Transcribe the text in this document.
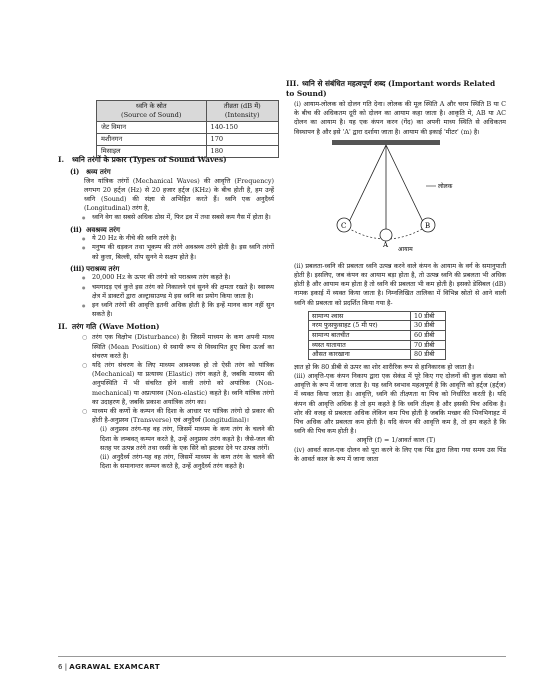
ध्वनि के स्रोत
(Source of Sound)	तीव्रता (dB में)
(Intensity)
जेट विमान	140-150
मशीनगन	170
मिसाइल	180
I. ध्वनि तरंगों के प्रकार (Types of Sound Waves)
(i) श्रव्य तरंग
जिन यांत्रिक तरंगों (Mechanical Waves) की आवृत्ति (Frequency) लगभग 20 हर्ट्ज (Hz) से 20 हजार हर्ट्ज (KHz) के बीच होती है, हम उन्हें ध्वनि (Sound) की संज्ञा से अभिहित करते हैं। ध्वनि एक अनुदैर्ध्य (Longitudinal) तरंग है,
● ध्वनि वेग का सबसे अधिक ठोस में, फिर द्रव में तथा सबसे कम गैस में होता है।
(ii) अवश्रव्य तरंग
● ये 20 Hz के नीचे की ध्वनि तरंगे है।
● मनुष्य की धड़कन तथा भूकम्प की तरंगे अवश्रव्य तरंगे होती है। इस ध्वनि तरंगों को कुत्ता, बिल्ली, साँप सुनने मे सक्षम होते है।
(iii)पराश्रव्य तरंग
● 20,000 Hz के ऊपर की तरंगो को पराश्रव्य तरंग कहते है।
● चमगादड़ एवं कुत्ते इस तरंग को निकालने एवं सुनने की क्षमता रखते है। स्वास्थ्य क्षेत्र में डाक्टरों द्वारा अल्ट्रासाउण्ड मे इस ध्वनि का प्रयोग किया जाता है।
● इन ध्वनि तरंगों की आवृत्ति इतनी अधिक होती है कि इन्हें मानव कान नहीं सुन सकते है।
II. तरंग गति (Wave Motion)
○ तरंग एक विक्षोभ (Disturbance) है। जिसमें माध्यम के कण अपनी माध्य स्थिति (Mean Position) से स्थायी रूप से विस्थापित हुए बिना ऊर्जा का संचरण करते है।
○ यदि तरंग संचरण के लिए माध्यम आवश्यक हो तो ऐसी तरंग को यांत्रिक (Mechanical) या प्रत्यास्थ (Elastic) तरंग कहते है, जबकि माध्यम की अनुपस्थिति में भी संचरित होने वाली तरंगो को अयांत्रिक (Non-mechanical) या अप्रत्यास्थ (Non-elastic) कहते है। ध्वनि यांत्रिक तरंगो का उदाहरण है, जबकि प्रकाश अयांत्रिक तरंग का।
○ माध्यम की कणों के कम्पन की दिशा के आधार पर यांत्रिक तरंगो दो प्रकार की होती है-अनुप्रस्थ (Transverse) एवं अनुदैर्ध्य (longitudinal)।
(i) अनुप्रस्थ तरंग-यह वह तरंग, जिसमें माध्यम के कण तरंग के चलने की दिशा के लम्बवत् कम्पन करते है, उन्हें अनुप्रस्थ तरंग कहते है। जैसे-जल की सतह पर उत्पन्न तरंगे तथा रस्सी के एक सिरे को झटका देने पर उत्पन्न तरंगें।
(ii) अनुदैर्ध्य तरंग-यह वह तरंग, जिसमें माध्यम के कण तरंग के चलने की दिशा के समानान्तर कम्पन करते है, उन्हें अनुदैर्ध्य तरंग कहते है।
III. ध्वनि से संबंधित महत्वपूर्ण शब्द (Important words Related to Sound)
(i) आयाम-लोलक को दोलन गति देना। लोलक की मूल स्थिति A और चरम स्थिति B या C के बीच की अधिकतम दूरी को दोलन का आयाम कहा जाता है। आकृति मे, AB या AC दोलन का आयाम है। यह एक कंपन करन (गेंद) का अपनी माध्य स्थिति से अधिकतम विस्थापन है और इसे 'A' द्वारा दर्शाया जाता है। आयाम की इकाई 'मीटर' (m) है।
C
A
B
लोलक
आयाम
(ii) प्रबलता-ध्वनि की प्रबलता ध्वनि उत्पन्न करने वाले कंपन के आयाम के वर्ग के समानुपाती होती है। इसलिए, जब कंपन का आयाम बड़ा होता है, तो उत्पन्न ध्वनि की प्रबलता भी अधिक होती है और आयाम कम होता है तो ध्वनि की प्रबलता भी कम होती है। इसको डेसिबल (dB) नामक इकाई में व्यक्त किया जाता है। निम्नलिखित तालिका में विभिन्न स्रोतो से आने वाली ध्वनि की प्रबलता को प्रदर्शित किया गया है-
सामान्य श्वास	10 डीबी
नरम फुसफुसाहट (5 मी पर)	30 डीबी
सामान्य बातचीत	60 डीबी
व्यस्त यातायात	70 डीबी
औसत कारखाना	80 डीबी
ज्ञात हो कि 80 डीबी से ऊपर का शोर शारीरिक रूप से हानिकारक हो जाता है।
(iii) आवृत्ति-एक कंपन निकाय द्वारा एक सेकंड में पूरे किए गए दोलनों की कुल संख्या को आवृत्ति के रूप में जाना जाता है। यह ध्वनि स्वभाव महत्वपूर्ण है कि आवृत्ति को हर्ट्ज (हर्ट्ज) में व्यक्त किया जाता है। आवृत्ति, ध्वनि की तीक्ष्णता या पिच को निर्धारित करती है। यदि कंपन की आवृत्ति अधिक है तो हम कहते है कि ध्वनि तीक्ष्ण है और इसकी पिच अधिक है। शोर की वजह से प्रबलता अधिक लेकिन कम पिच होती है जबकि मच्छर की भिनभिनाहट में पिच अधिक और प्रबलता कम होती है। यदि कंपन की आवृत्ति कम है, तो हम कहते है कि ध्वनि की पिच कम होती है।
आवृत्ति (f) = 1/आवर्त काल (T)
(iv) आवर्त काल-एक दोलन को पूरा करने के लिए एक पिंड द्वारा लिया गया समय उस पिंड के आवर्त काल के रूप में जाना जाता
6 | AGRAWAL EXAMCART
